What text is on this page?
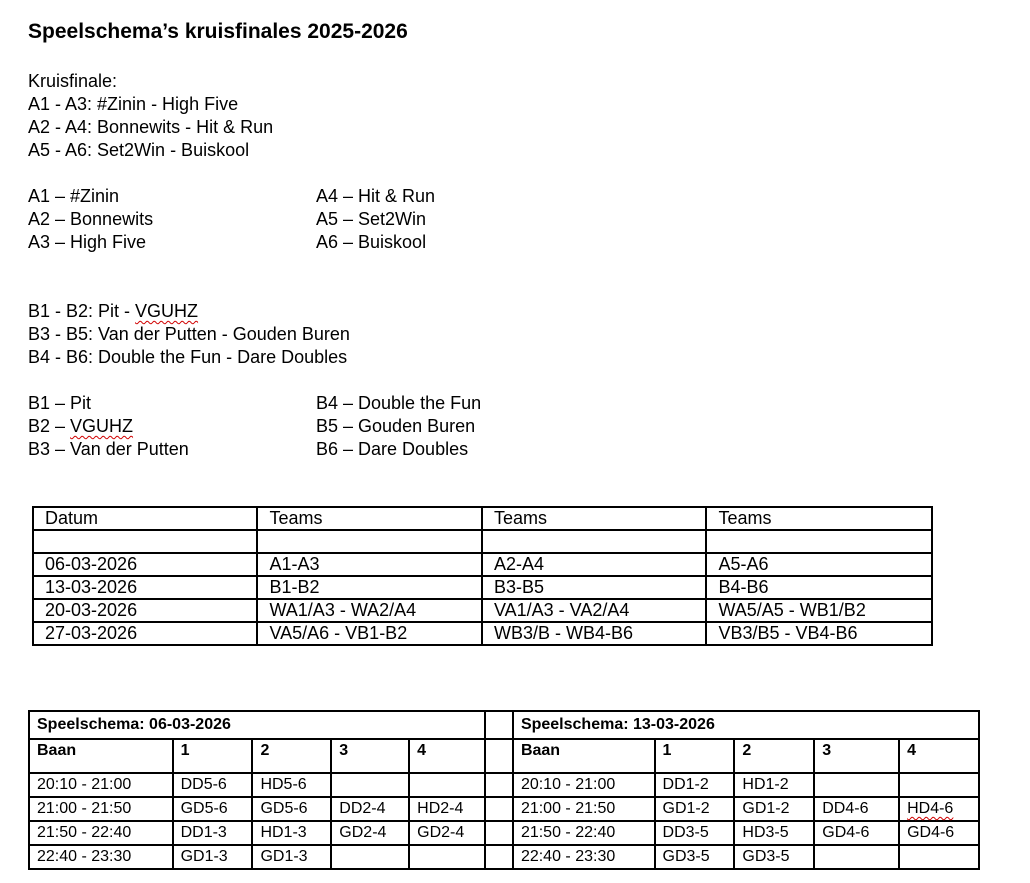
Speelschema’s kruisfinales 2025-2026
Kruisfinale:
A1 - A3: #Zinin - High Five
A2 - A4: Bonnewits - Hit & Run
A5 - A6: Set2Win - Buiskool
A1 – #Zinin
A2 – Bonnewits
A3 – High Five
A4 – Hit & Run
A5 – Set2Win
A6 – Buiskool
B1 - B2: Pit - VGUHZ
B3 - B5: Van der Putten - Gouden Buren
B4 - B6: Double the Fun - Dare Doubles
B1 – Pit
B2 – VGUHZ
B3 – Van der Putten
B4 – Double the Fun
B5 – Gouden Buren
B6 – Dare Doubles
Datum	Teams	Teams	Teams

06-03-2026	A1-A3	A2-A4	A5-A6
13-03-2026	B1-B2	B3-B5	B4-B6
20-03-2026	WA1/A3 - WA2/A4	VA1/A3 - VA2/A4	WA5/A5 - WB1/B2
27-03-2026	VA5/A6 - VB1-B2	WB3/B - WB4-B6	VB3/B5 - VB4-B6
Speelschema: 06-03-2026						Speelschema: 13-03-2026				
Baan	1	2	3	4		Baan	1	2	3	4
20:10 - 21:00	DD5-6	HD5-6				20:10 - 21:00	DD1-2	HD1-2		
21:00 - 21:50	GD5-6	GD5-6	DD2-4	HD2-4		21:00 - 21:50	GD1-2	GD1-2	DD4-6	HD4-6
21:50 - 22:40	DD1-3	HD1-3	GD2-4	GD2-4		21:50 - 22:40	DD3-5	HD3-5	GD4-6	GD4-6
22:40 - 23:30	GD1-3	GD1-3				22:40 - 23:30	GD3-5	GD3-5		
